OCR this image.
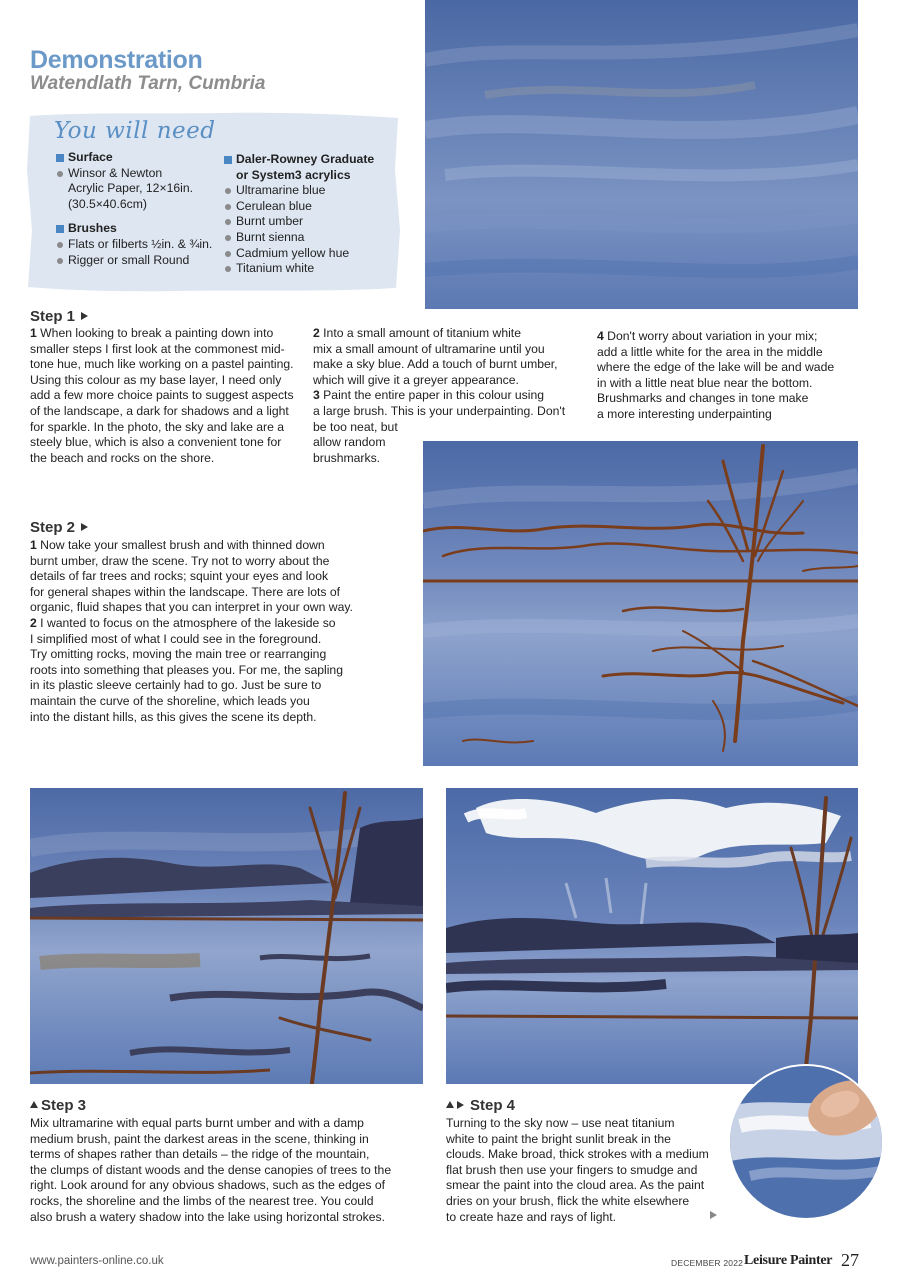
Demonstration
Watendlath Tarn, Cumbria
You will need
Surface
Winsor & Newton
Acrylic Paper, 12×16in.
(30.5×40.6cm)
Brushes
Flats or filberts ½in. & ¾in.
Rigger or small Round
Daler-Rowney Graduate
or System3 acrylics
Ultramarine blue
Cerulean blue
Burnt umber
Burnt sienna
Cadmium yellow hue
Titanium white
Step 1
1 When looking to break a painting down into
smaller steps I first look at the commonest mid-
tone hue, much like working on a pastel painting.
Using this colour as my base layer, I need only
add a few more choice paints to suggest aspects
of the landscape, a dark for shadows and a light
for sparkle. In the photo, the sky and lake are a
steely blue, which is also a convenient tone for
the beach and rocks on the shore.
2 Into a small amount of titanium white
mix a small amount of ultramarine until you
make a sky blue. Add a touch of burnt umber,
which will give it a greyer appearance.
3 Paint the entire paper in this colour using
a large brush. This is your underpainting. Don't
be too neat, but
allow random
brushmarks.
4 Don't worry about variation in your mix;
add a little white for the area in the middle
where the edge of the lake will be and wade
in with a little neat blue near the bottom.
Brushmarks and changes in tone make
a more interesting underpainting
Step 2
1 Now take your smallest brush and with thinned down
burnt umber, draw the scene. Try not to worry about the
details of far trees and rocks; squint your eyes and look
for general shapes within the landscape. There are lots of
organic, fluid shapes that you can interpret in your own way.
2 I wanted to focus on the atmosphere of the lakeside so
I simplified most of what I could see in the foreground.
Try omitting rocks, moving the main tree or rearranging
roots into something that pleases you. For me, the sapling
in its plastic sleeve certainly had to go. Just be sure to
maintain the curve of the shoreline, which leads you
into the distant hills, as this gives the scene its depth.
Step 3
Mix ultramarine with equal parts burnt umber and with a damp
medium brush, paint the darkest areas in the scene, thinking in
terms of shapes rather than details – the ridge of the mountain,
the clumps of distant woods and the dense canopies of trees to the
right. Look around for any obvious shadows, such as the edges of
rocks, the shoreline and the limbs of the nearest tree. You could
also brush a watery shadow into the lake using horizontal strokes.
Step 4
Turning to the sky now – use neat titanium
white to paint the bright sunlit break in the
clouds. Make broad, thick strokes with a medium
flat brush then use your fingers to smudge and
smear the paint into the cloud area. As the paint
dries on your brush, flick the white elsewhere
to create haze and rays of light.
www.painters-online.co.uk	DECEMBER 2022 Leisure Painter 27
